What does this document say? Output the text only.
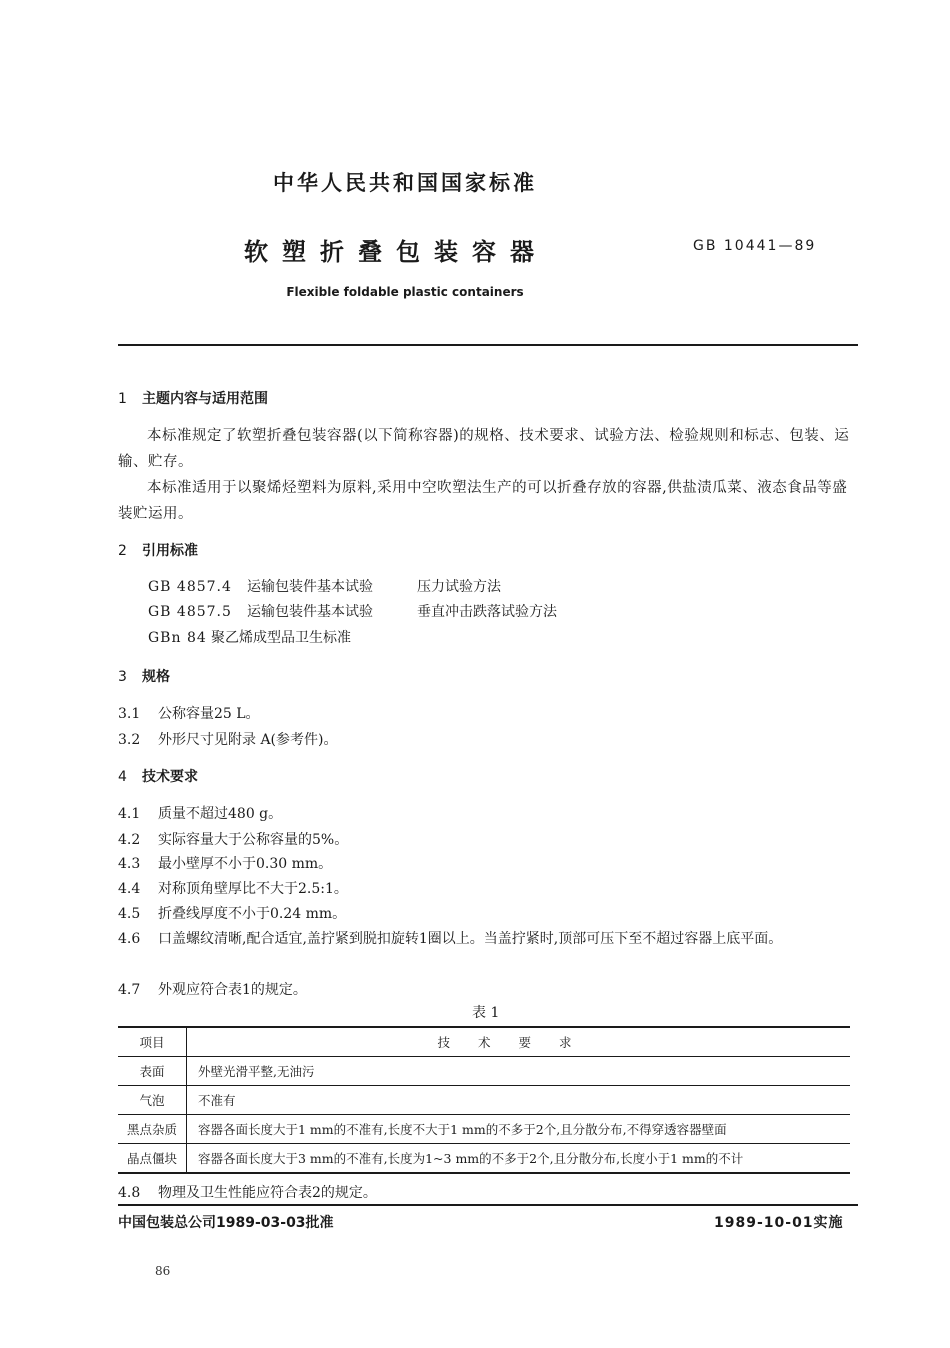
中华人民共和国国家标准
软塑折叠包装容器	GB 10441—89
Flexible foldable plastic containers
1 主题内容与适用范围

本标准规定了软塑折叠包装容器(以下简称容器)的规格、技术要求、试验方法、检验规则和标志、包装、运输、贮存。

本标准适用于以聚烯烃塑料为原料,采用中空吹塑法生产的可以折叠存放的容器,供盐渍瓜菜、液态食品等盛装贮运用。

2 引用标准
GB 4857.4 运输包装件基本试验	压力试验方法
GB 4857.5 运输包装件基本试验	垂直冲击跌落试验方法
GBn 84 聚乙烯成型品卫生标准
3 规格
3.1 公称容量25 L。
3.2 外形尺寸见附录 A(参考件)。
4 技术要求
4.1 质量不超过480 g。
4.2 实际容量大于公称容量的5%。
4.3 最小壁厚不小于0.30 mm。
4.4 对称顶角壁厚比不大于2.5:1。
4.5 折叠线厚度不小于0.24 mm。
4.6 口盖螺纹清晰,配合适宜,盖拧紧到脱扣旋转1圈以上。当盖拧紧时,顶部可压下至不超过容器上底平面。
4.7 外观应符合表1的规定。
表 1
项目	技术要求
表面	外壁光滑平整,无油污
气泡	不准有
黑点杂质	容器各面长度大于1 mm的不准有,长度不大于1 mm的不多于2个,且分散分布,不得穿透容器壁面
晶点僵块	容器各面长度大于3 mm的不准有,长度为1~3 mm的不多于2个,且分散分布,长度小于1 mm的不计
4.8 物理及卫生性能应符合表2的规定。
中国包装总公司1989-03-03批准	1989-10-01实施
86
